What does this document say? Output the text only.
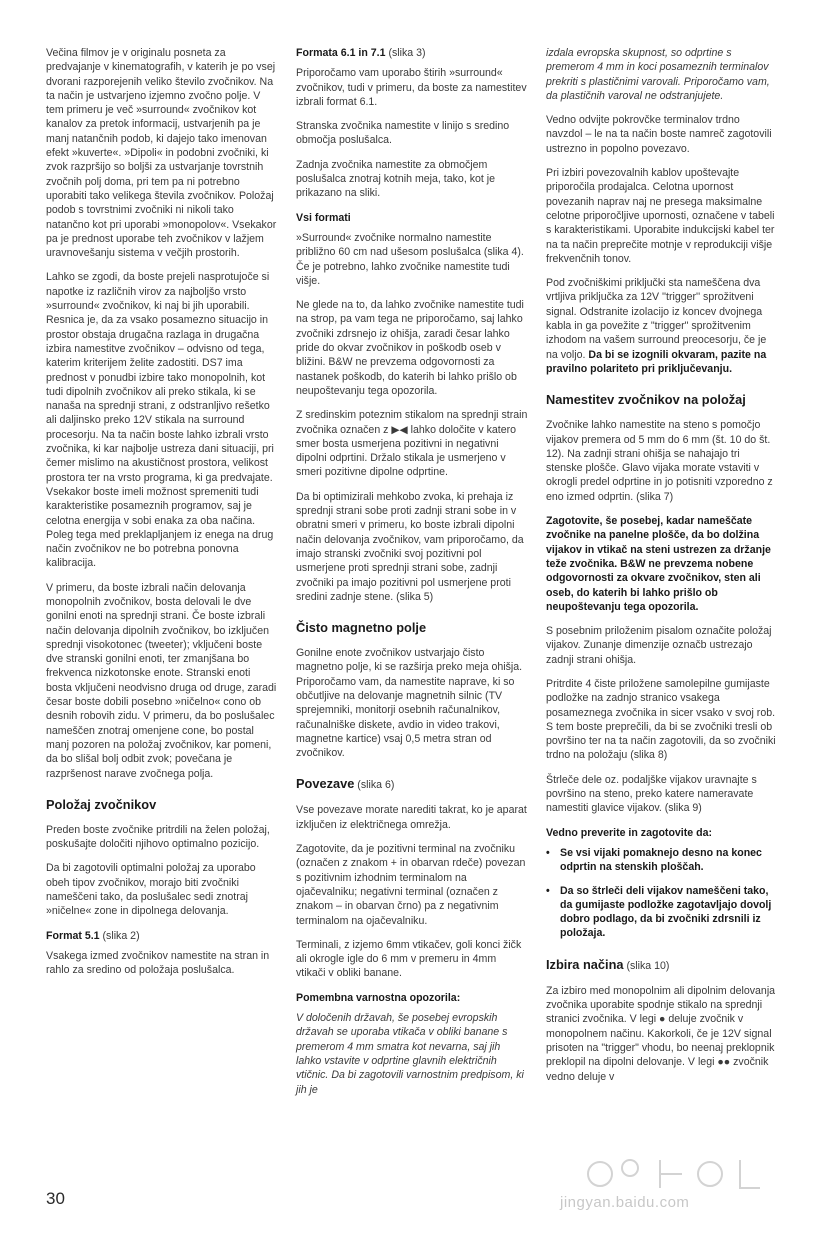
Večina filmov je v originalu posneta za predvajanje v kinematografih, v katerih je po vsej dvorani razporejenih veliko število zvočnikov. Na ta način je ustvarjeno izjemno zvočno polje. V tem primeru je več »surround« zvočnikov kot kanalov za pretok informacij, ustvarjenih pa je manj natančnih podob, ki dajejo tako imenovan efekt »kuverte«. »Dipoli« in podobni zvočniki, ki zvok razpršijo so boljši za ustvarjanje tovrstnih zvočnih polj doma, pri tem pa ni potrebno uporabiti tako velikega števila zvočnikov. Položaj podob s tovrstnimi zvočniki ni nikoli tako natančno kot pri uporabi »monopolov«. Vsekakor pa je prednost uporabe teh zvočnikov v lažjem uravnovešanju sistema v večjih prostorih.

Lahko se zgodi, da boste prejeli nasprotujoče si napotke iz različnih virov za najboljšo vrsto »surround« zvočnikov, ki naj bi jih uporabili. Resnica je, da za vsako posamezno situacijo in prostor obstaja drugačna razlaga in drugačna izbira namestitve zvočnikov – odvisno od tega, katerim kriterijem želite zadostiti. DS7 ima prednost v ponudbi izbire tako monopolnih, kot tudi dipolnih zvočnikov ali preko stikala, ki se nanaša na sprednji strani, z odstranljivo rešetko ali daljinsko preko 12V stikala na surround procesorju. Na ta način boste lahko izbrali vrsto zvočnika, ki kar najbolje ustreza dani situaciji, pri čemer mislimo na akustičnost prostora, velikost prostora ter na vrsto programa, ki ga predvajate. Vsekakor boste imeli možnost spremeniti tudi karakteristike posameznih programov, saj je celotna energija v sobi enaka za oba načina. Poleg tega med preklapljanjem iz enega na drug način zvočnikov ne bo potrebna ponovna kalibracija.

V primeru, da boste izbrali način delovanja monopolnih zvočnikov, bosta delovali le dve gonilni enoti na sprednji strani. Če boste izbrali način delovanja dipolnih zvočnikov, bo izključen sprednji visokotonec (tweeter); vključeni boste dve stranski gonilni enoti, ter zmanjšana bo frekvenca nizkotonske enote. Stranski enoti bosta vključeni neodvisno druga od druge, zaradi česar boste dobili posebno »ničelno« cono ob desnih robovih zidu. V primeru, da bo poslušalec nameščen znotraj omenjene cone, bo postal manj pozoren na položaj zvočnikov, kar pomeni, da bo slišal bolj odbit zvok; povečana je razpršenost narave zvočnega polja.

Položaj zvočnikov

Preden boste zvočnike pritrdili na želen položaj, poskušajte določiti njihovo optimalno pozicijo.

Da bi zagotovili optimalni položaj za uporabo obeh tipov zvočnikov, morajo biti zvočniki nameščeni tako, da poslušalec sedi znotraj »ničelne« zone in dipolnega delovanja.

Format 5.1 (slika 2)

Vsakega izmed zvočnikov namestite na stran in rahlo za sredino od položaja poslušalca.

Formata 6.1 in 7.1 (slika 3)

Priporočamo vam uporabo štirih »surround« zvočnikov, tudi v primeru, da boste za namestitev izbrali format 6.1.

Stranska zvočnika namestite v linijo s sredino območja poslušalca.

Zadnja zvočnika namestite za območjem poslušalca znotraj kotnih meja, tako, kot je prikazano na sliki.

Vsi formati

»Surround« zvočnike normalno namestite približno 60 cm nad ušesom poslušalca (slika 4). Če je potrebno, lahko zvočnike namestite tudi višje.

Ne glede na to, da lahko zvočnike namestite tudi na strop, pa vam tega ne priporočamo, saj lahko zvočniki zdrsnejo iz ohišja, zaradi česar lahko pride do okvar zvočnikov in poškodb oseb v bližini. B&W ne prevzema odgovornosti za nastanek poškodb, do katerih bi lahko prišlo ob neupoštevanju tega opozorila.

Z sredinskim poteznim stikalom na sprednji strain zvočnika označen z ▶◀ lahko določite v katero smer bosta usmerjena pozitivni in negativni dipolni odprtini. Držalo stikala je usmerjeno v smeri pozitivne dipolne odprtine.

Da bi optimizirali mehkobo zvoka, ki prehaja iz sprednji strani sobe proti zadnji strani sobe in v obratni smeri v primeru, ko boste izbrali dipolni način delovanja zvočnikov, vam priporočamo, da imajo stranski zvočniki svoj pozitivni pol usmerjene proti sprednji strani sobe, zadnji zvočniki pa imajo pozitivni pol usmerjene proti sredini zadnje stene. (slika 5)

Čisto magnetno polje

Gonilne enote zvočnikov ustvarjajo čisto magnetno polje, ki se razširja preko meja ohišja. Priporočamo vam, da namestite naprave, ki so občutljive na delovanje magnetnih silnic (TV sprejemniki, monitorji osebnih računalnikov, računalniške diskete, avdio in video trakovi, magnetne kartice) vsaj 0,5 metra stran od zvočnikov.

Povezave (slika 6)

Vse povezave morate narediti takrat, ko je aparat izključen iz električnega omrežja.

Zagotovite, da je pozitivni terminal na zvočniku (označen z znakom + in obarvan rdeče) povezan s pozitivnim izhodnim terminalom na ojačevalniku; negativni terminal (označen z znakom – in obarvan črno) pa z negativnim terminalom na ojačevalniku.

Terminali, z izjemo 6mm vtikačev, goli konci žičk ali okrogle igle do 6 mm v premeru in 4mm vtikači v obliki banane.

Pomembna varnostna opozorila:

V določenih državah, še posebej evropskih državah se uporaba vtikača v obliki banane s premerom 4 mm smatra kot nevarna, saj jih lahko vstavite v odprtine glavnih električnih vtičnic. Da bi zagotovili varnostnim predpisom, ki jih je

izdala evropska skupnost, so odprtine s premerom 4 mm in koci posameznih terminalov prekriti s plastičnimi varovali. Priporočamo vam, da plastičnih varoval ne odstranjujete.

Vedno odvijte pokrovčke terminalov trdno navzdol – le na ta način boste namreč zagotovili ustrezno in popolno povezavo.

Pri izbiri povezovalnih kablov upoštevajte priporočila prodajalca. Celotna upornost povezanih naprav naj ne presega maksimalne celotne priporočljive upornosti, označene v tabeli s karakteristikami. Uporabite indukcijski kabel ter na ta način preprečite motnje v reprodukciji višje frekvenčnih tonov.

Pod zvočniškimi priključki sta nameščena dva vrtljiva priključka za 12V ''trigger'' sprožitveni signal. Odstranite izolacijo iz koncev dvojnega kabla in ga povežite z "trigger" sprožitvenim izhodom na vašem surround preocesorju, če je na voljo. Da bi se izognili okvaram, pazite na pravilno polariteto pri priključevanju.

Namestitev zvočnikov na položaj

Zvočnike lahko namestite na steno s pomočjo vijakov premera od 5 mm do 6 mm (št. 10 do št. 12). Na zadnji strani ohišja se nahajajo tri stenske plošče. Glavo vijaka morate vstaviti v okrogli predel odprtine in jo potisniti vzporedno z eno izmed odprtin. (slika 7)

Zagotovite, še posebej, kadar nameščate zvočnike na panelne plošče, da bo dolžina vijakov in vtikač na steni ustrezen za držanje teže zvočnika. B&W ne prevzema nobene odgovornosti za okvare zvočnikov, sten ali oseb, do katerih bi lahko prišlo ob neupoštevanju tega opozorila.

S posebnim priloženim pisalom označite položaj vijakov. Zunanje dimenzije označb ustrezajo zadnji strani ohišja.

Pritrdite 4 čiste priložene samolepilne gumijaste podložke na zadnjo stranico vsakega posameznega zvočnika in sicer vsako v svoj rob. S tem boste preprečili, da bi se zvočniki tresli ob površino ter na ta način zagotovili, da so zvočniki trdno na položaju (slika 8)

Štrleče dele oz. podaljške vijakov uravnajte s površino na steno, preko katere nameravate namestiti glavice vijakov. (slika 9)

Vedno preverite in zagotovite da:
• Se vsi vijaki pomaknejo desno na konec odprtin na stenskih ploščah.
• Da so štrleči deli vijakov nameščeni tako, da gumijaste podložke zagotavljajo dovolj dobro podlago, da bi zvočniki zdrsnili iz položaja.
Izbira načina (slika 10)

Za izbiro med monopolnim ali dipolnim delovanja zvočnika uporabite spodnje stikalo na sprednji stranici zvočnika. V legi ● deluje zvočnik v monopolnem načinu. Kakorkoli, če je 12V signal prisoten na "trigger" vhodu, bo neenaj preklopnik preklopil na dipolni delovanje. V legi ●● zvočnik vedno deluje v

30	jingyan.baidu.com
